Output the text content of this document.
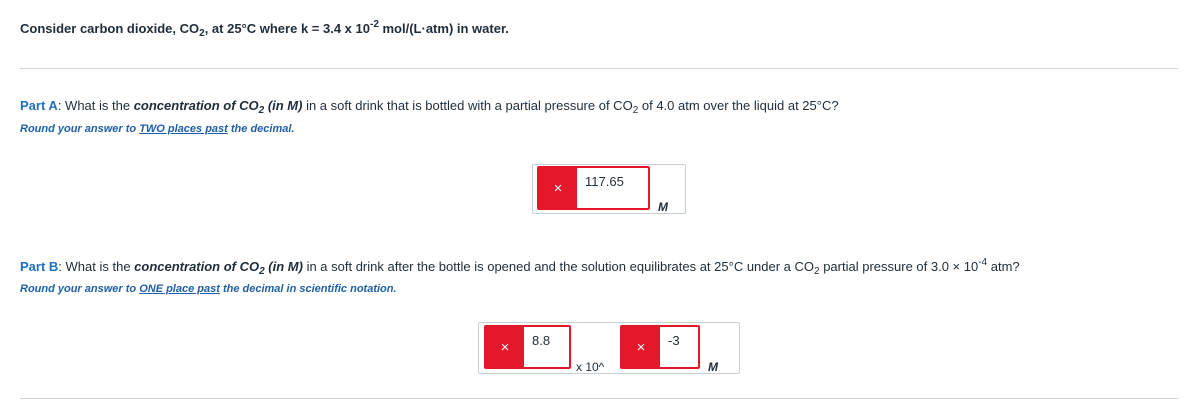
Consider carbon dioxide, $CO_2$, at 25°C where k = 3.4 x $10^{-2}$ mol/(L·atm) in water.
Part A: What is the concentration of $CO_2$ (in M) in a soft drink that is bottled with a partial pressure of $CO_2$ of 4.0 atm over the liquid at 25°C?
Round your answer to TWO places past the decimal.
×	117.65
M
Part B: What is the concentration of $CO_2$ (in M) in a soft drink after the bottle is opened and the solution equilibrates at 25°C under a $CO_2$ partial pressure of $3.0 \times 10^{-4}$ atm?
Round your answer to ONE place past the decimal in scientific notation.
×	8.8
x 10^
×	-3
M
